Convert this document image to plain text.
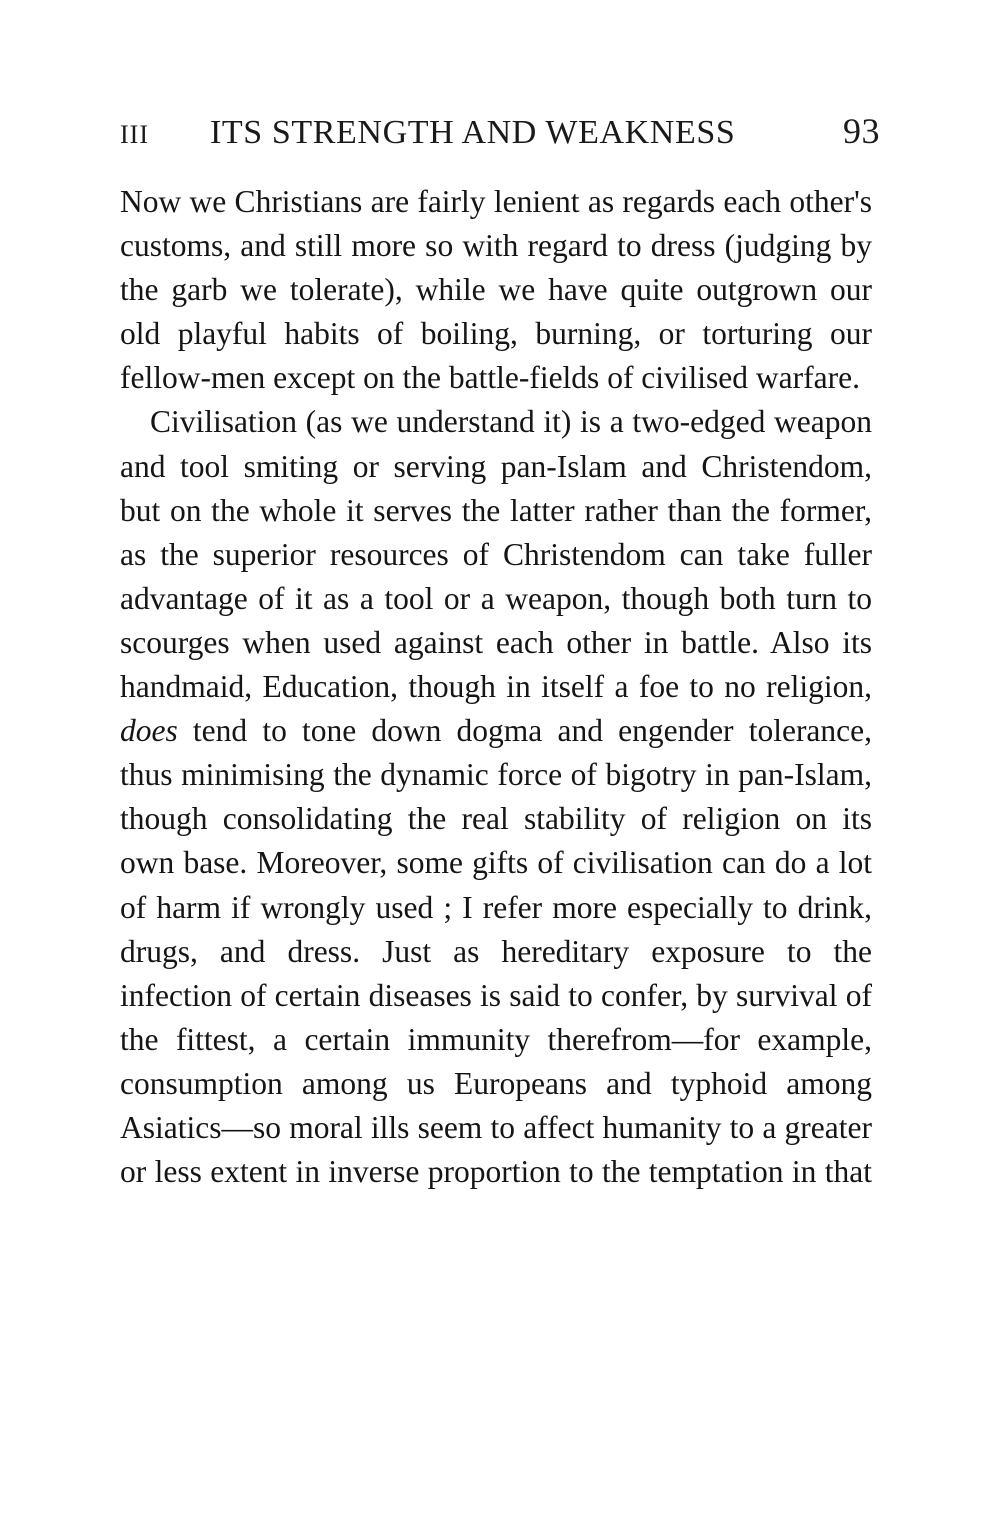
III	ITS STRENGTH AND WEAKNESS	93

Now we Christians are fairly lenient as regards each other's customs, and still more so with regard to dress (judging by the garb we tolerate), while we have quite outgrown our old playful habits of boiling, burning, or torturing our fellow-men except on the battle-fields of civilised warfare.

Civilisation (as we understand it) is a two-edged weapon and tool smiting or serving pan-Islam and Christendom, but on the whole it serves the latter rather than the former, as the superior resources of Christendom can take fuller advantage of it as a tool or a weapon, though both turn to scourges when used against each other in battle. Also its handmaid, Education, though in itself a foe to no religion, does tend to tone down dogma and engender tolerance, thus minimising the dynamic force of bigotry in pan-Islam, though consolidating the real stability of religion on its own base. Moreover, some gifts of civilisation can do a lot of harm if wrongly used ; I refer more especially to drink, drugs, and dress. Just as hereditary exposure to the infection of certain diseases is said to confer, by survival of the fittest, a certain immunity therefrom—for example, consumption among us Europeans and typhoid among Asiatics—so moral ills seem to affect humanity to a greater or less extent in inverse proportion to the temptation in that
